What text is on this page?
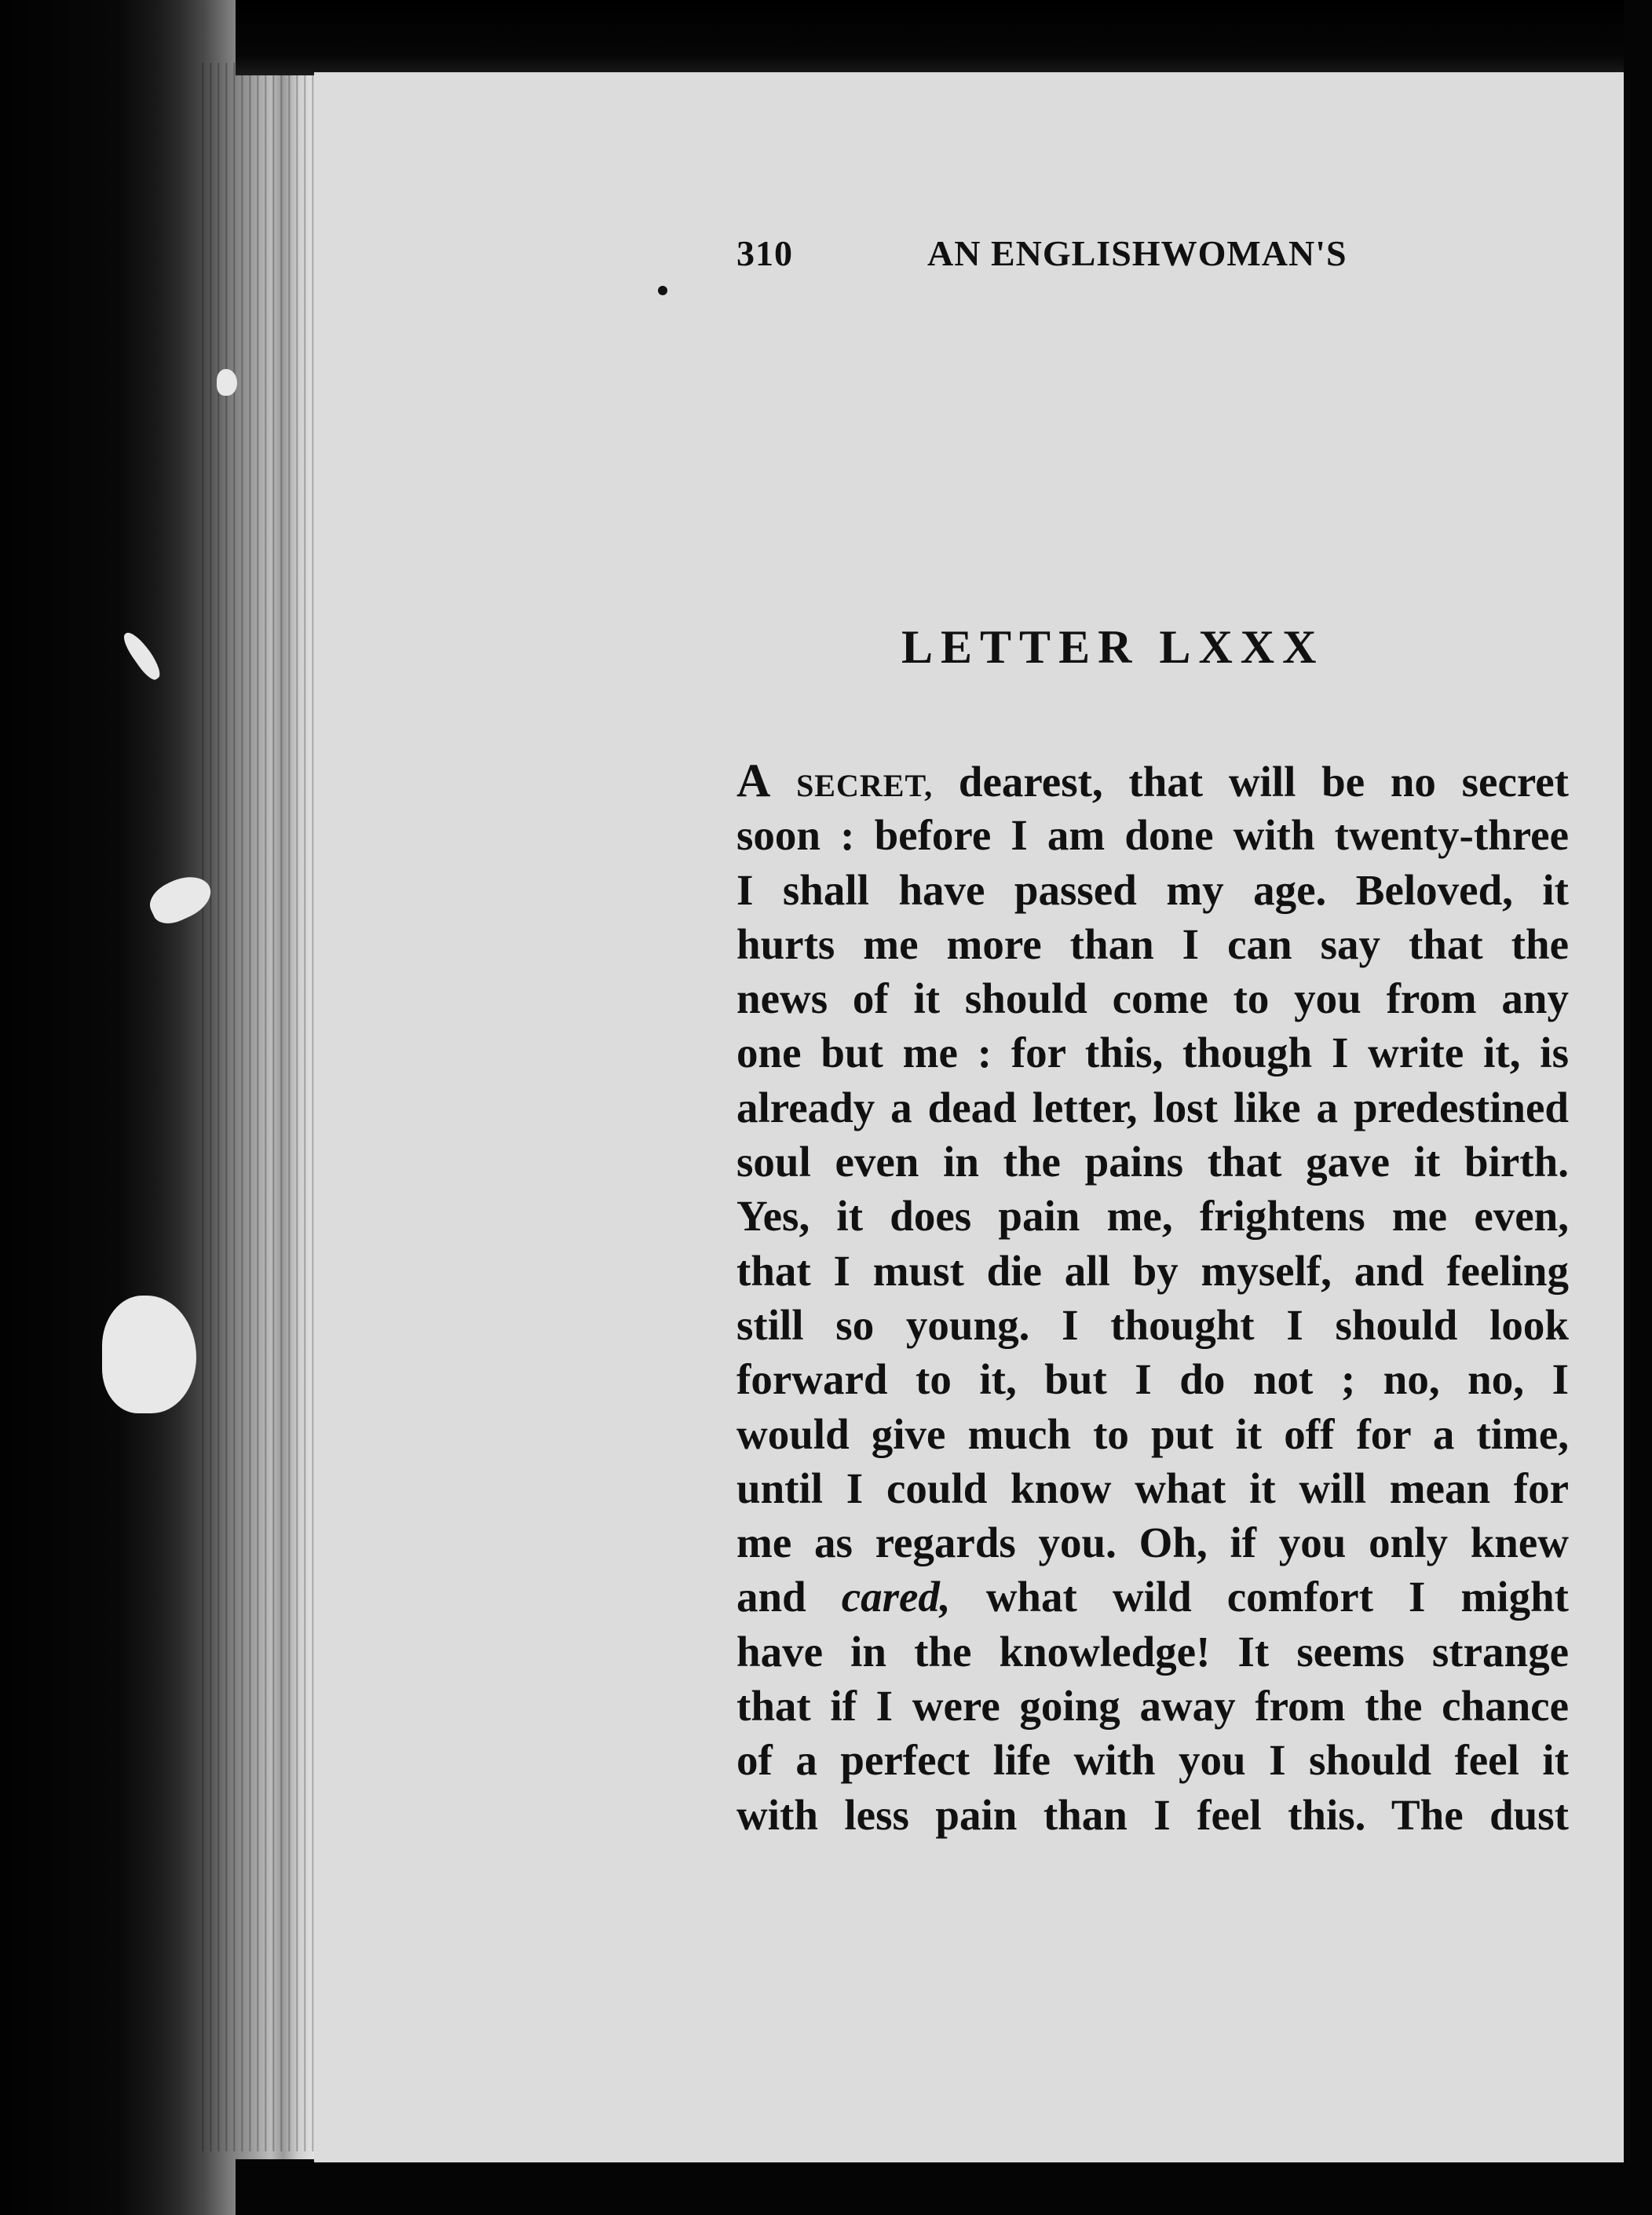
310	AN ENGLISHWOMAN'S
LETTER LXXX
A SECRET, dearest, that will be no secret
soon : before I am done with twenty-three
I shall have passed my age. Beloved, it
hurts me more than I can say that the
news of it should come to you from any
one but me : for this, though I write it, is
already a dead letter, lost like a predestined
soul even in the pains that gave it birth.
Yes, it does pain me, frightens me even,
that I must die all by myself, and feeling
still so young. I thought I should look
forward to it, but I do not ; no, no, I
would give much to put it off for a time,
until I could know what it will mean for
me as regards you. Oh, if you only knew
and cared, what wild comfort I might
have in the knowledge! It seems strange
that if I were going away from the chance
of a perfect life with you I should feel it
with less pain than I feel this. The dust
